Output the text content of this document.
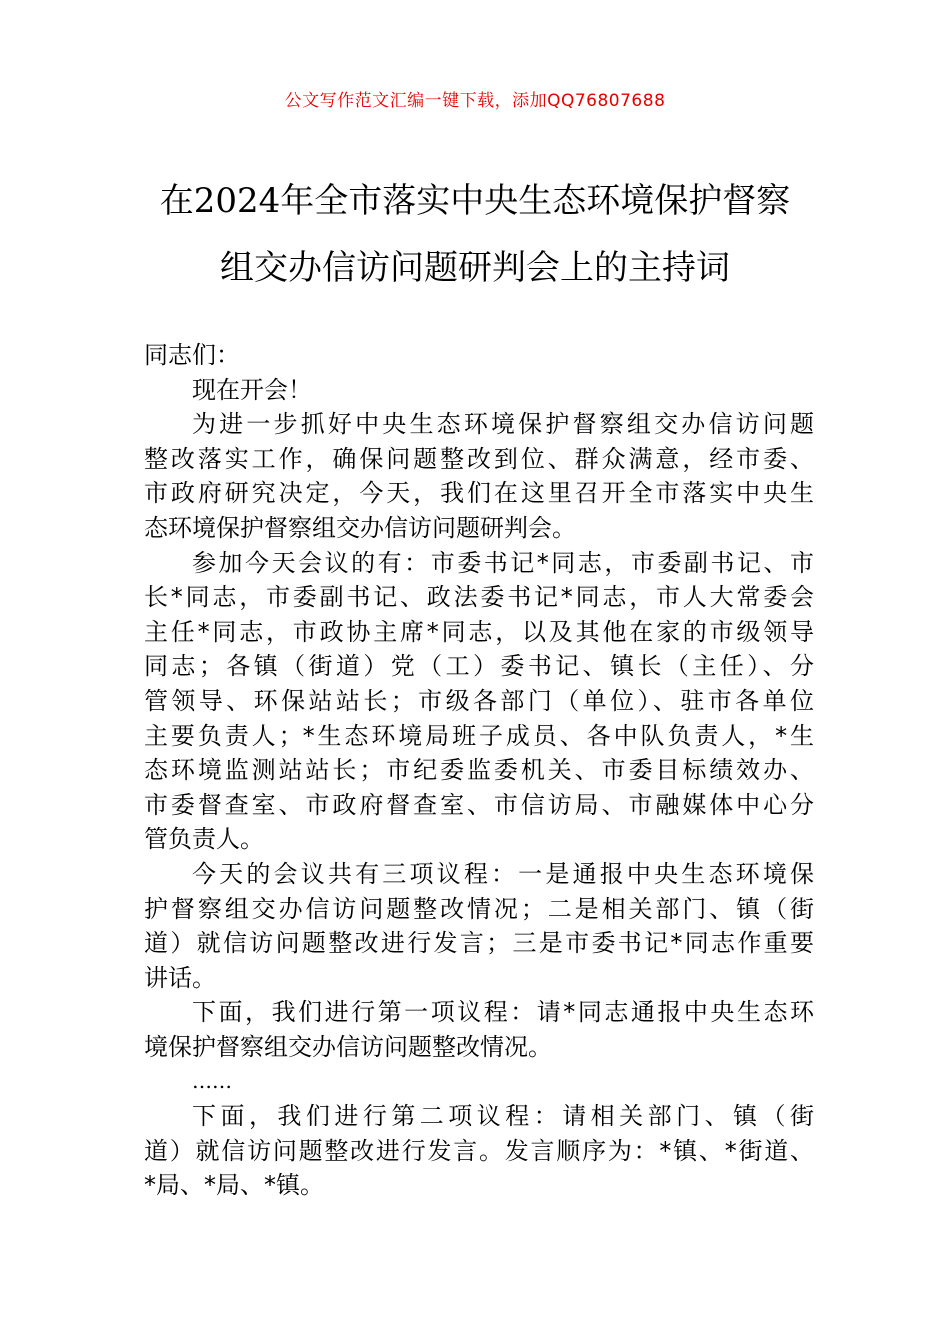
公文写作范文汇编一键下载，添加QQ76807688
在2024年全市落实中央生态环境保护督察
组交办信访问题研判会上的主持词

同志们：

现在开会！

为进一步抓好中央生态环境保护督察组交办信访问题
整改落实工作，确保问题整改到位、群众满意，经市委、
市政府研究决定，今天，我们在这里召开全市落实中央生
态环境保护督察组交办信访问题研判会。

参加今天会议的有：市委书记*同志，市委副书记、市
长*同志，市委副书记、政法委书记*同志，市人大常委会
主任*同志，市政协主席*同志，以及其他在家的市级领导
同志；各镇（街道）党（工）委书记、镇长（主任）、分
管领导、环保站站长；市级各部门（单位）、驻市各单位
主要负责人；*生态环境局班子成员、各中队负责人，*生
态环境监测站站长；市纪委监委机关、市委目标绩效办、
市委督查室、市政府督查室、市信访局、市融媒体中心分
管负责人。

今天的会议共有三项议程：一是通报中央生态环境保
护督察组交办信访问题整改情况；二是相关部门、镇（街
道）就信访问题整改进行发言；三是市委书记*同志作重要
讲话。

下面，我们进行第一项议程：请*同志通报中央生态环
境保护督察组交办信访问题整改情况。

……

下面，我们进行第二项议程：请相关部门、镇（街
道）就信访问题整改进行发言。发言顺序为：*镇、*街道、
*局、*局、*镇。
